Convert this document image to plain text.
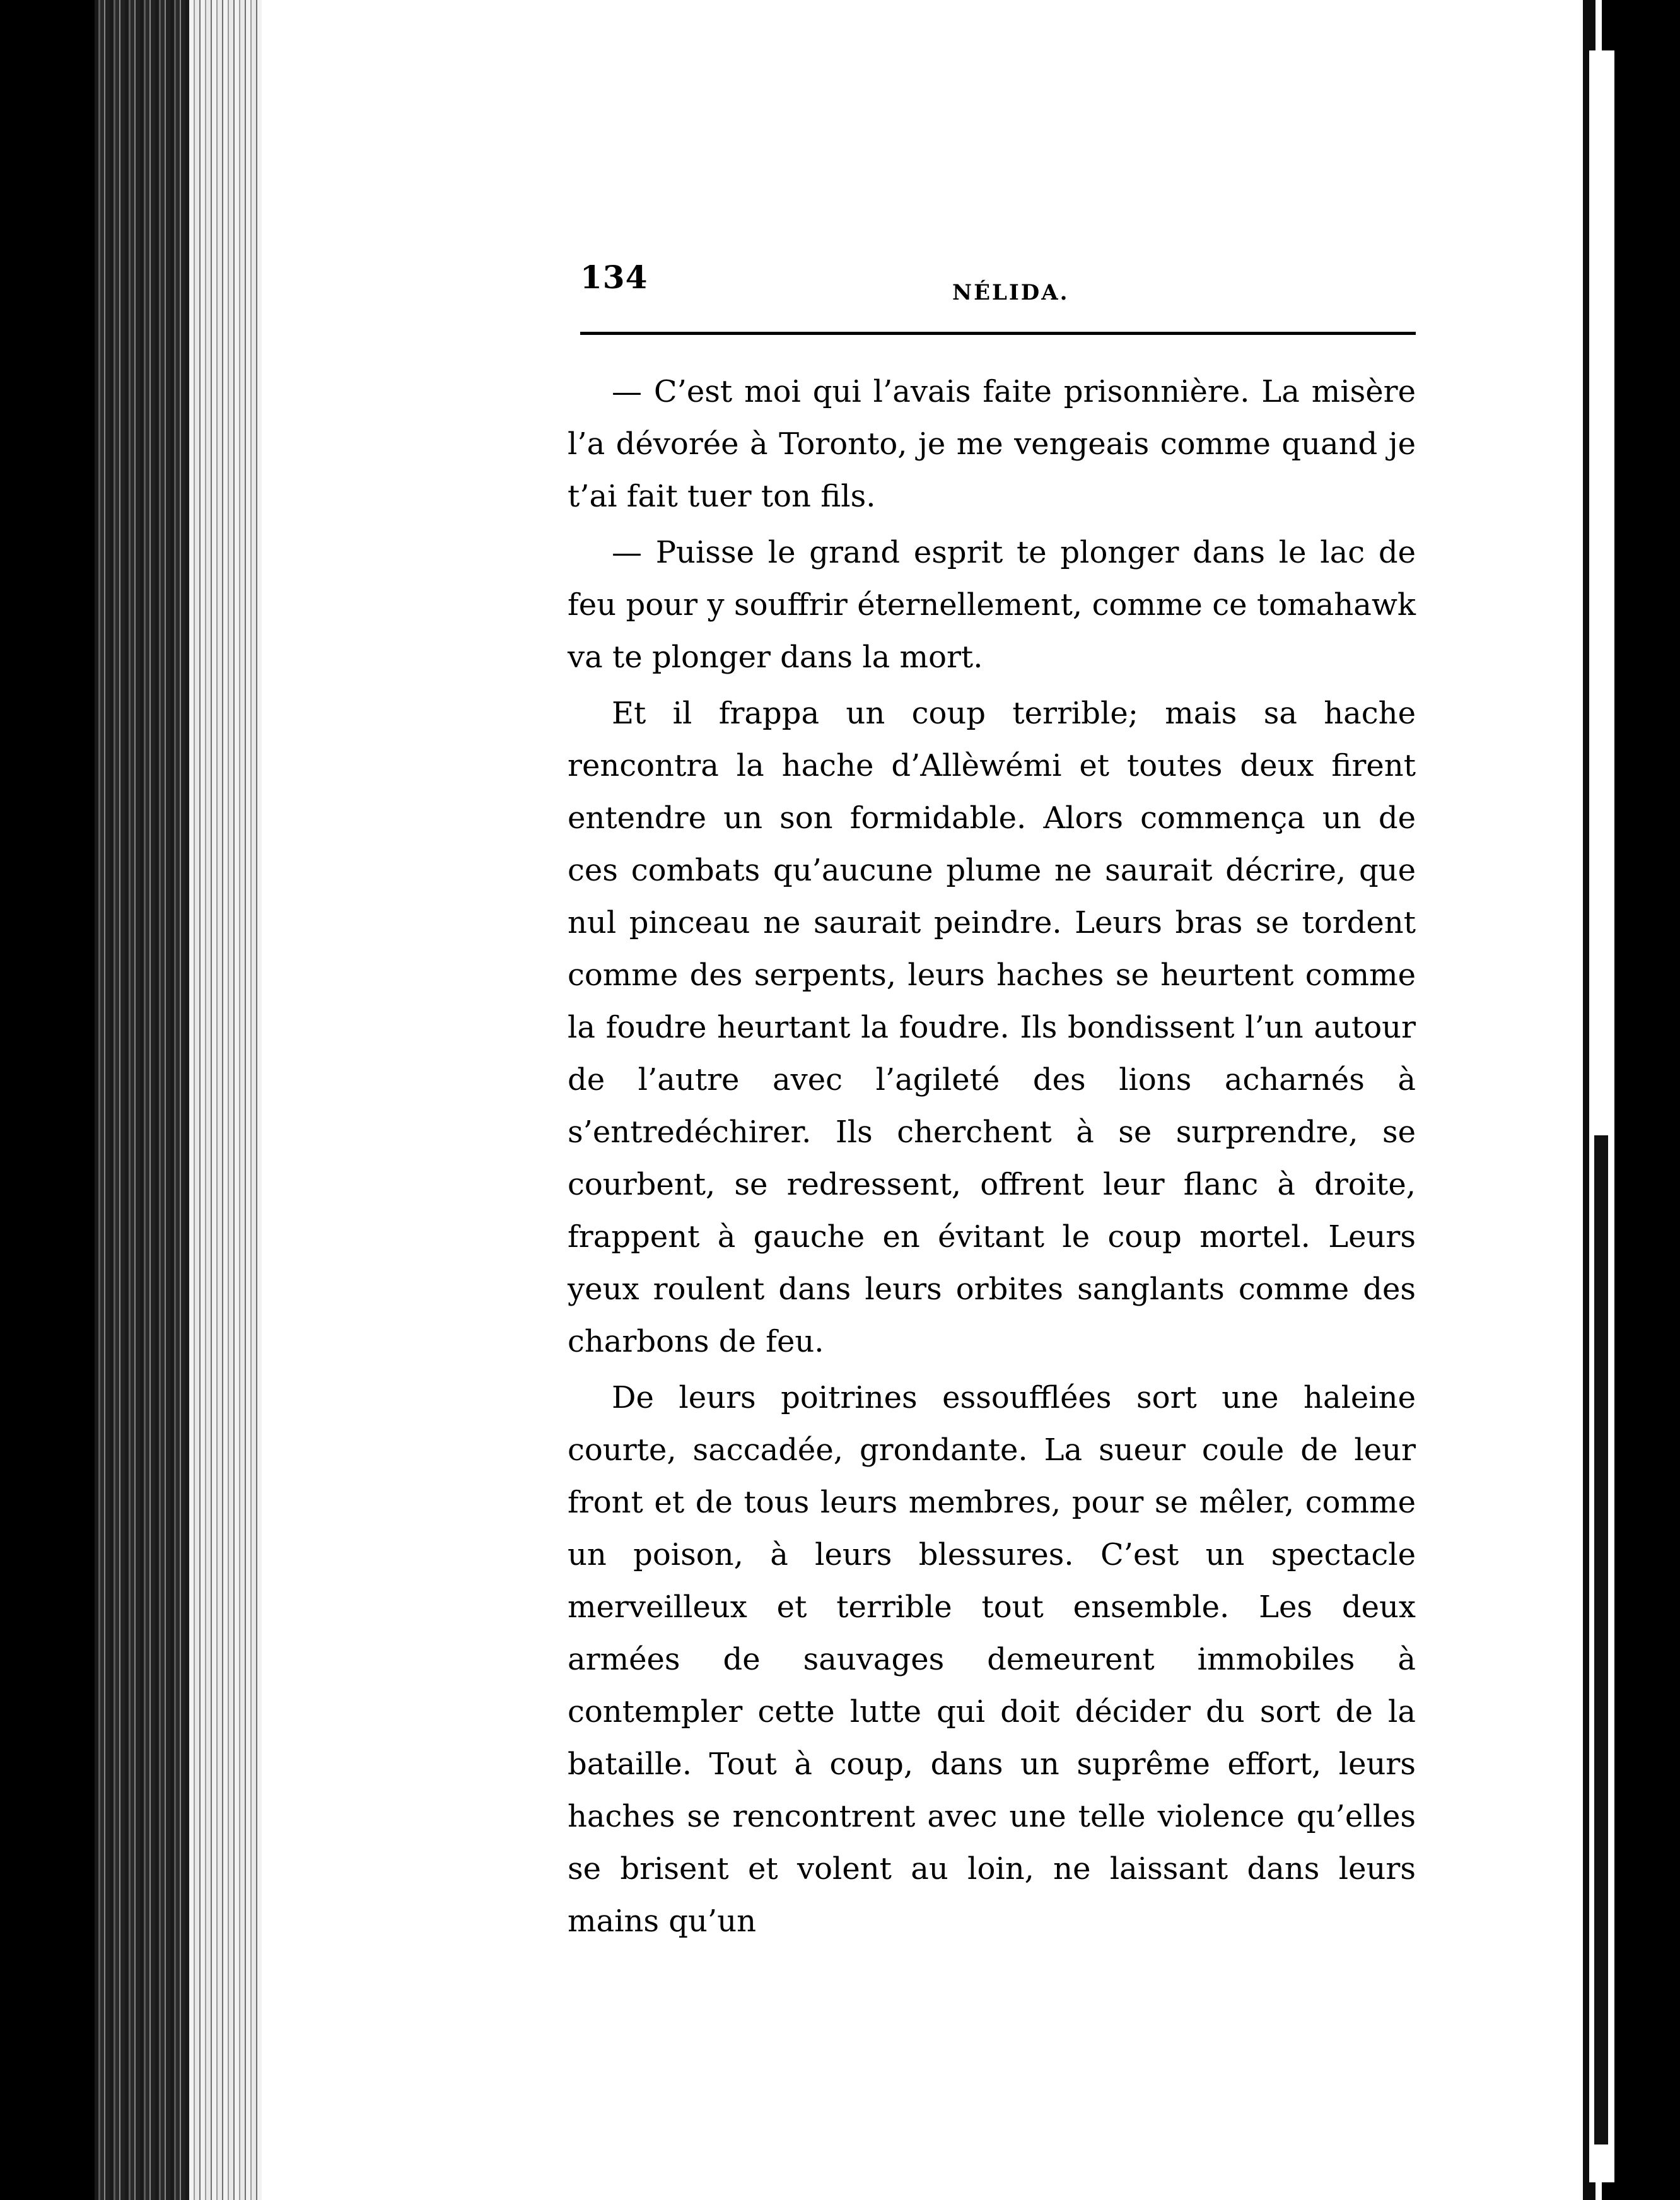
134	NÉLIDA.

— C’est moi qui l’avais faite prisonnière. La misère l’a dévorée à Toronto, je me vengeais comme quand je t’ai fait tuer ton fils.

— Puisse le grand esprit te plonger dans le lac de feu pour y souffrir éternellement, comme ce tomahawk va te plonger dans la mort.

Et il frappa un coup terrible; mais sa hache rencontra la hache d’Allèwémi et toutes deux firent entendre un son formidable. Alors commença un de ces combats qu’aucune plume ne saurait décrire, que nul pinceau ne saurait peindre. Leurs bras se tordent comme des serpents, leurs haches se heurtent comme la foudre heurtant la foudre. Ils bondissent l’un autour de l’autre avec l’agileté des lions acharnés à s’entredéchirer. Ils cherchent à se surprendre, se courbent, se redressent, offrent leur flanc à droite, frappent à gauche en évitant le coup mortel. Leurs yeux roulent dans leurs orbites sanglants comme des charbons de feu.

De leurs poitrines essoufflées sort une haleine courte, saccadée, grondante. La sueur coule de leur front et de tous leurs membres, pour se mêler, comme un poison, à leurs blessures. C’est un spectacle merveilleux et terrible tout ensemble. Les deux armées de sauvages demeurent immobiles à contempler cette lutte qui doit décider du sort de la bataille. Tout à coup, dans un suprême effort, leurs haches se rencontrent avec une telle violence qu’elles se brisent et volent au loin, ne laissant dans leurs mains qu’un
